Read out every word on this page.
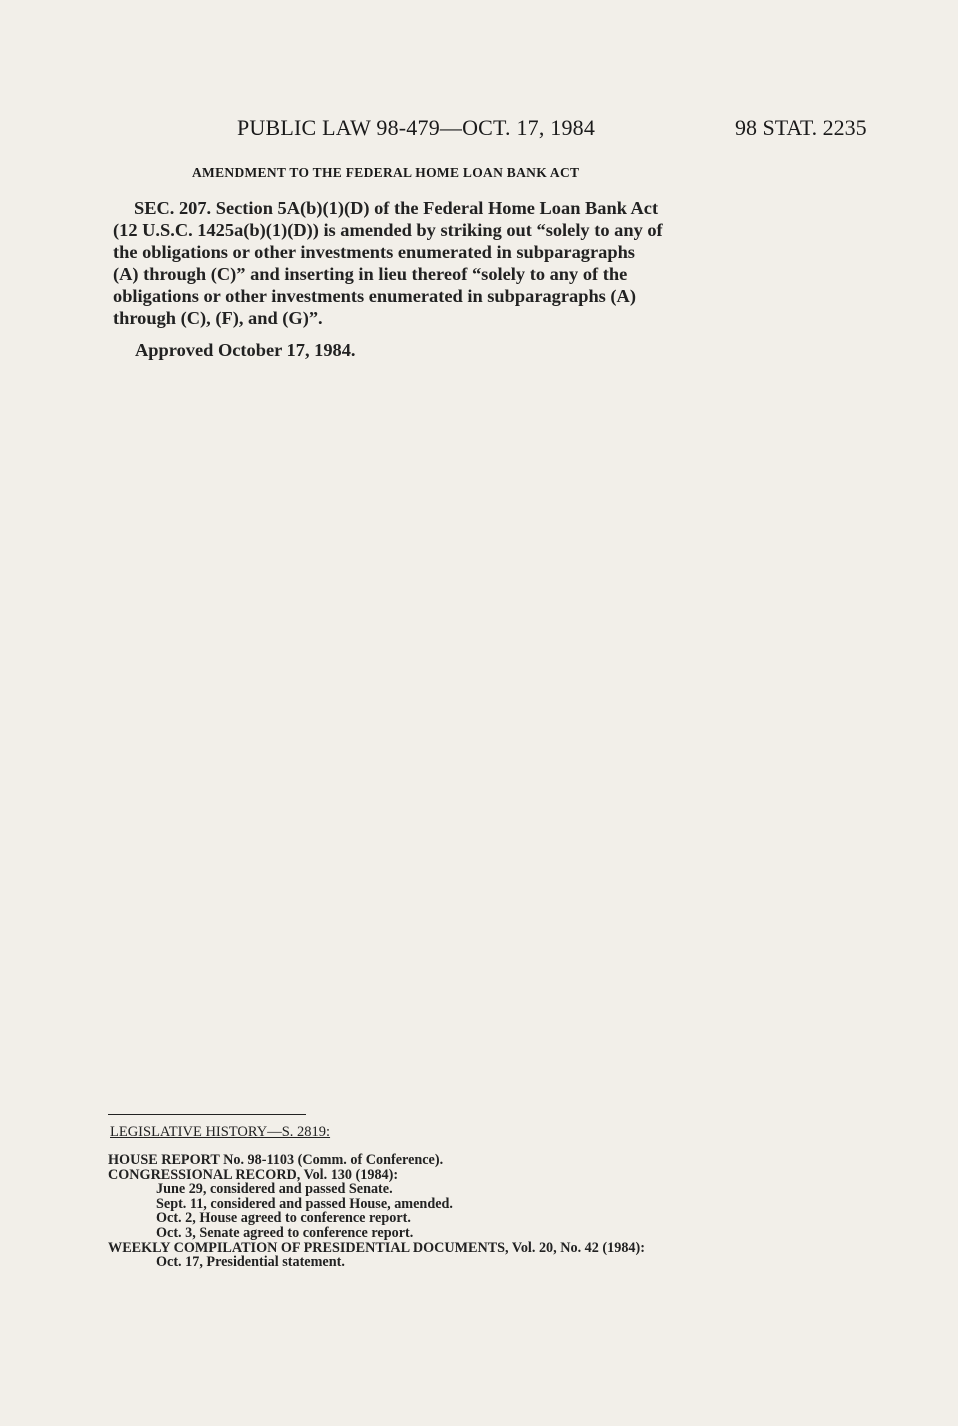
PUBLIC LAW 98-479—OCT. 17, 1984	98 STAT. 2235
AMENDMENT TO THE FEDERAL HOME LOAN BANK ACT
SEC. 207. Section 5A(b)(1)(D) of the Federal Home Loan Bank Act
(12 U.S.C. 1425a(b)(1)(D)) is amended by striking out “solely to any of
the obligations or other investments enumerated in subparagraphs
(A) through (C)” and inserting in lieu thereof “solely to any of the
obligations or other investments enumerated in subparagraphs (A)
through (C), (F), and (G)”.
Approved October 17, 1984.
LEGISLATIVE HISTORY—S. 2819:
HOUSE REPORT No. 98-1103 (Comm. of Conference).
CONGRESSIONAL RECORD, Vol. 130 (1984):
June 29, considered and passed Senate.
Sept. 11, considered and passed House, amended.
Oct. 2, House agreed to conference report.
Oct. 3, Senate agreed to conference report.
WEEKLY COMPILATION OF PRESIDENTIAL DOCUMENTS, Vol. 20, No. 42 (1984):
Oct. 17, Presidential statement.
